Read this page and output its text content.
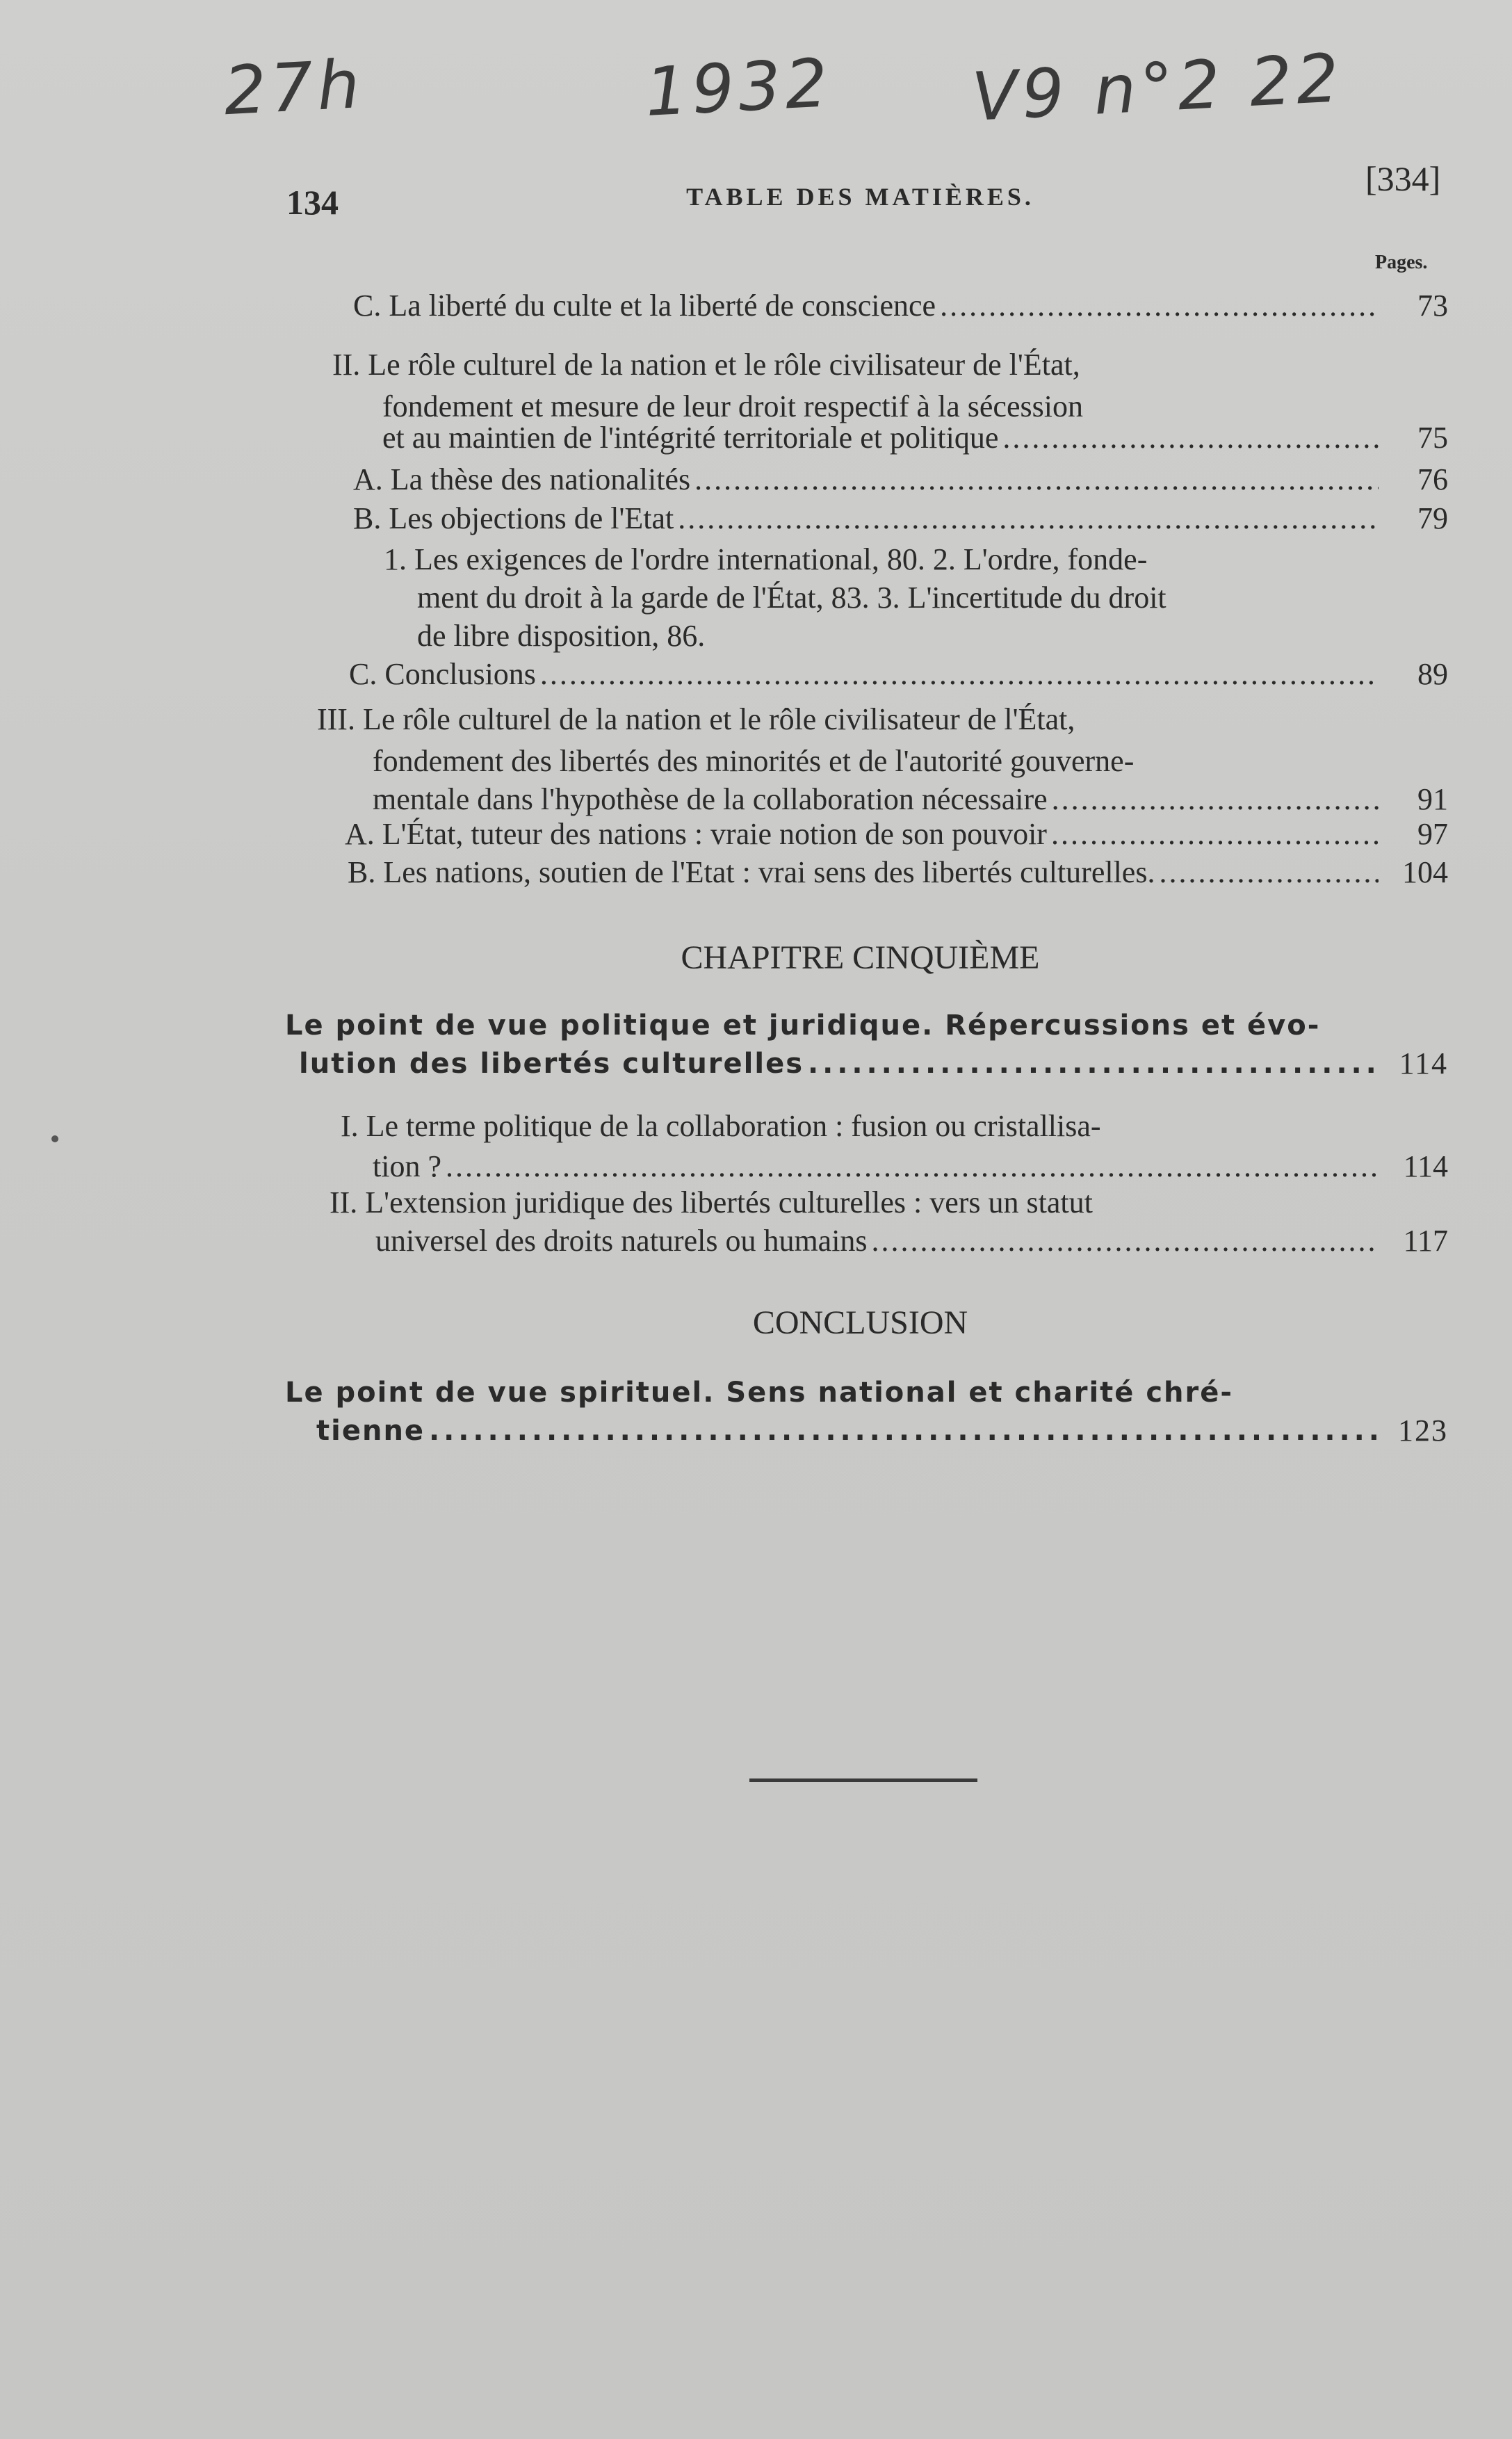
27h	1932 V9 n°2 22
134	TABLE DES MATIÈRES.	[334]
Pages.
C. La liberté du culte et la liberté de conscience . . .	73
II. Le rôle culturel de la nation et le rôle civilisateur de l'État,
fondement et mesure de leur droit respectif à la sécession
et au maintien de l'intégrité territoriale et politique . . .	75
A. La thèse des nationalités . . .	76
B. Les objections de l'Etat . . .	79
1. Les exigences de l'ordre international, 80. 2. L'ordre, fonde-
ment du droit à la garde de l'État, 83. 3. L'incertitude du droit
de libre disposition, 86.
C. Conclusions . . .	89
III. Le rôle culturel de la nation et le rôle civilisateur de l'État,
fondement des libertés des minorités et de l'autorité gouverne-
mentale dans l'hypothèse de la collaboration nécessaire . . .	91
A. L'État, tuteur des nations : vraie notion de son pouvoir . . .	97
B. Les nations, soutien de l'Etat : vrai sens des libertés culturelles. . . .	104
CHAPITRE CINQUIÈME
Le point de vue politique et juridique. Répercussions et évo-
lution des libertés culturelles . . .	114
I. Le terme politique de la collaboration : fusion ou cristallisa-
tion ? . . .	114
II. L'extension juridique des libertés culturelles : vers un statut
universel des droits naturels ou humains . . .	117
CONCLUSION
Le point de vue spirituel. Sens national et charité chré-
tienne . . .	123
